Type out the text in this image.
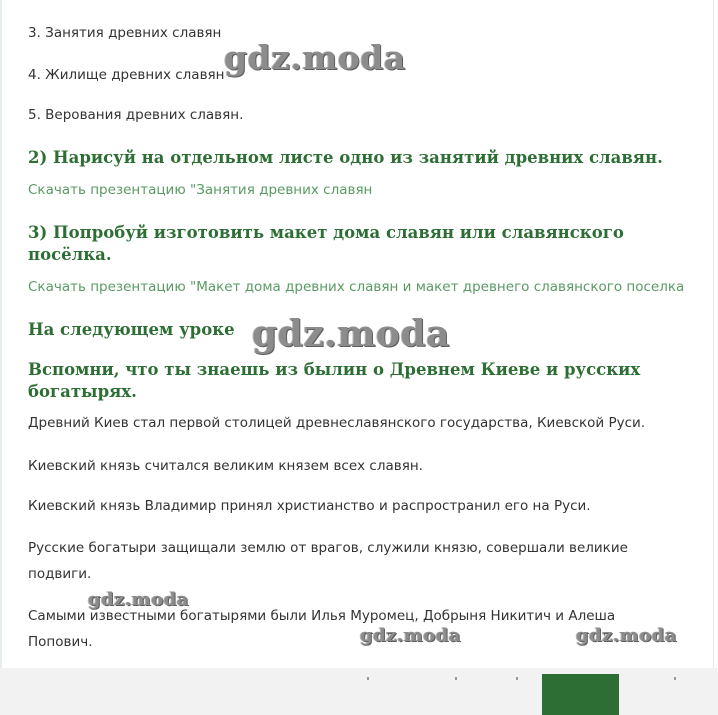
3. Занятия древних славян

4. Жилище древних славян

5. Верования древних славян.

2) Нарисуй на отдельном листе одно из занятий древних славян.
Скачать презентацию "Занятия древних славян
3) Попробуй изготовить макет дома славян или славянского посёлка.
Скачать презентацию "Макет дома древних славян и макет древнего славянского поселка
На следующем уроке
Вспомни, что ты знаешь из былин о Древнем Киеве и русских богатырях.

Древний Киев стал первой столицей древнеславянского государства, Киевской Руси.

Киевский князь считался великим князем всех славян.

Киевский князь Владимир принял христианство и распространил его на Руси.

Русские богатыри защищали землю от врагов, служили князю, совершали великие подвиги.

Самыми известными богатырями были Илья Муромец, Добрыня Никитич и Алеша Попович.

gdz.moda
gdz.moda
gdz.moda
gdz.moda	gdz.moda
